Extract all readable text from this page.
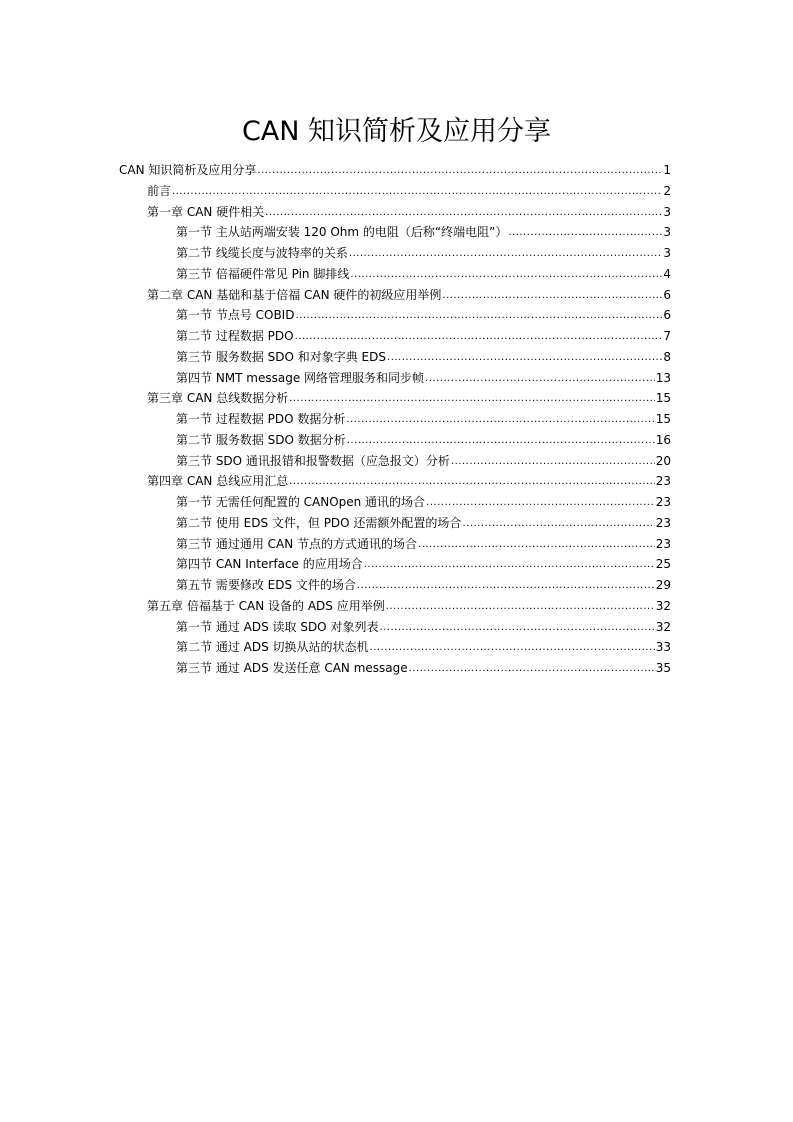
CAN 知识简析及应用分享
CAN 知识简析及应用分享 .....	1
前言 .....	2
第一章 CAN 硬件相关 .....	3
第一节 主从站两端安装 120 Ohm 的电阻（后称“终端电阻”） .....	3
第二节 线缆长度与波特率的关系 .....	3
第三节 倍福硬件常见 Pin 脚排线 .....	4
第二章 CAN 基础和基于倍福 CAN 硬件的初级应用举例 .....	6
第一节 节点号 COBID .....	6
第二节 过程数据 PDO .....	7
第三节 服务数据 SDO 和对象字典 EDS .....	8
第四节 NMT message 网络管理服务和同步帧 .....	13
第三章 CAN 总线数据分析 .....	15
第一节 过程数据 PDO 数据分析 .....	15
第二节 服务数据 SDO 数据分析 .....	16
第三节 SDO 通讯报错和报警数据（应急报文）分析 .....	20
第四章 CAN 总线应用汇总 .....	23
第一节 无需任何配置的 CANOpen 通讯的场合 .....	23
第二节 使用 EDS 文件，但 PDO 还需额外配置的场合 .....	23
第三节 通过通用 CAN 节点的方式通讯的场合 .....	23
第四节 CAN Interface 的应用场合 .....	25
第五节 需要修改 EDS 文件的场合 .....	29
第五章 倍福基于 CAN 设备的 ADS 应用举例 .....	32
第一节 通过 ADS 读取 SDO 对象列表 .....	32
第二节 通过 ADS 切换从站的状态机 .....	33
第三节 通过 ADS 发送任意 CAN message .....	35
